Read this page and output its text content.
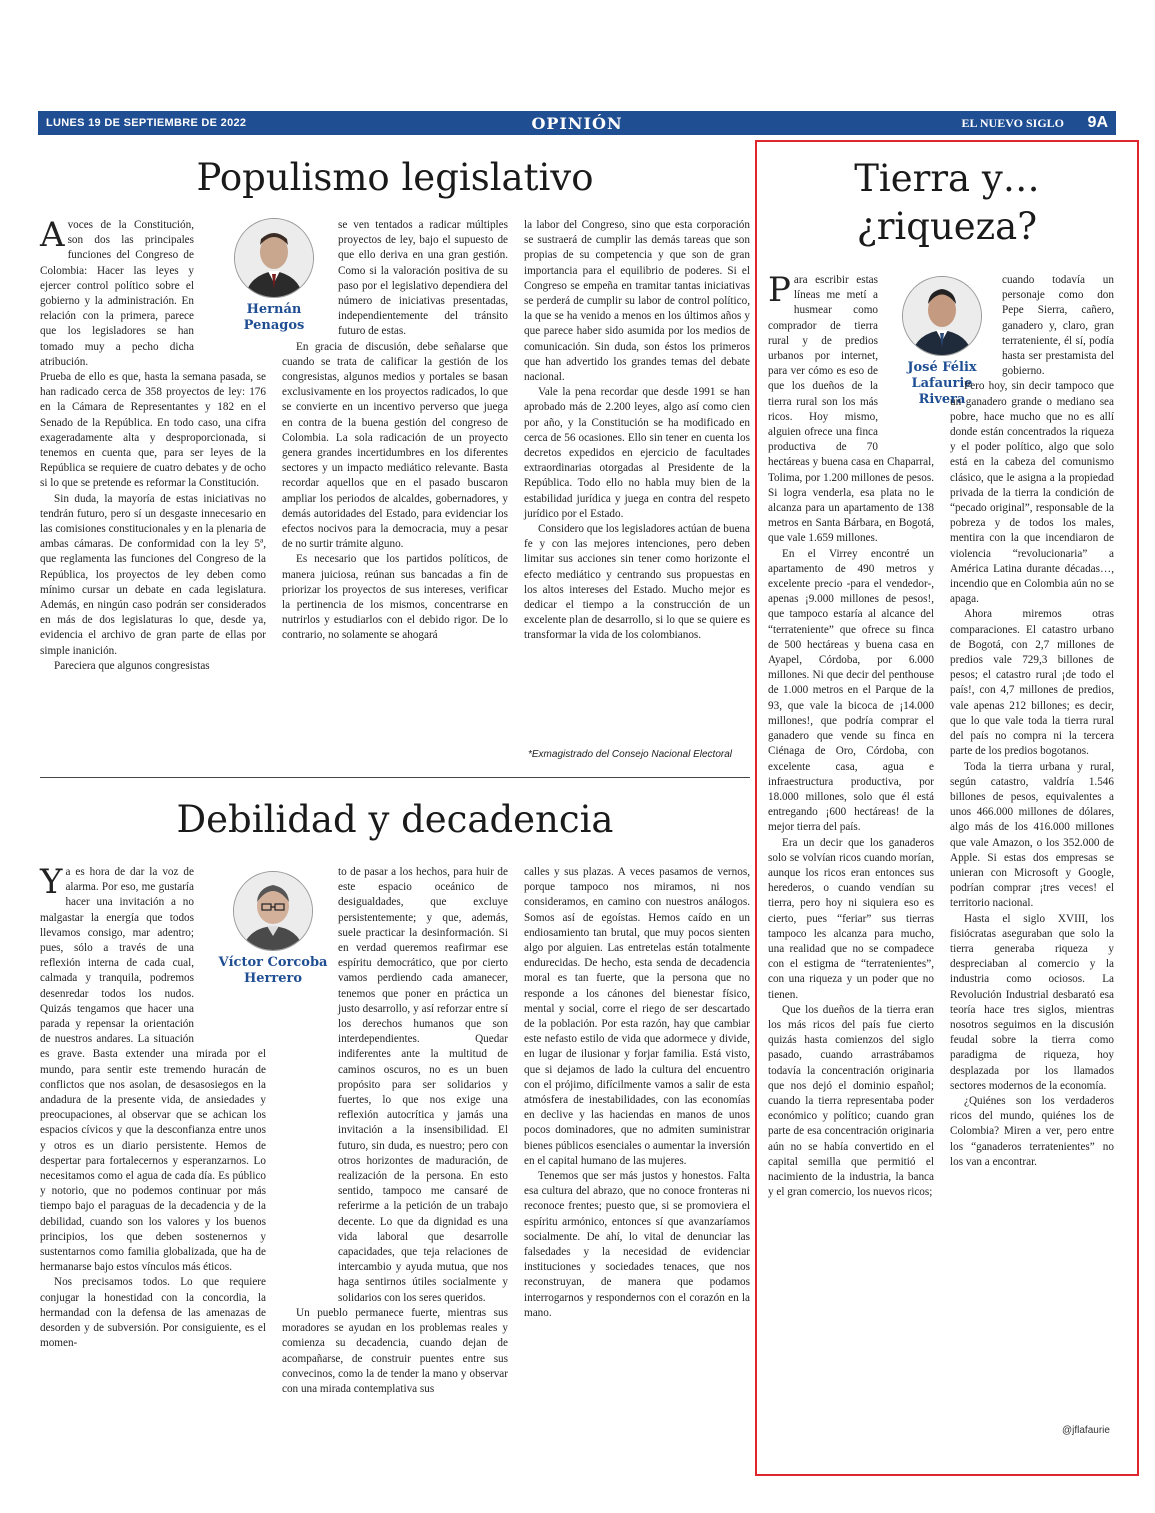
LUNES 19 DE SEPTIEMBRE DE 2022	OPINIÓN	EL NUEVO SIGLO 9A
Populismo legislativo
A voces de la Constitución, son dos las principales funciones del Congreso de Colombia: Hacer las leyes y ejercer control político sobre el gobierno y la administración. En relación con la primera, parece que los legisladores se han tomado muy a pecho dicha atribución.

Prueba de ello es que, hasta la semana pasada, se han radicado cerca de 358 proyectos de ley: 176 en la Cámara de Representantes y 182 en el Senado de la República. En todo caso, una cifra exageradamente alta y desproporcionada, si tenemos en cuenta que, para ser leyes de la República se requiere de cuatro debates y de ocho si lo que se pretende es reformar la Constitución.

Sin duda, la mayoría de estas iniciativas no tendrán futuro, pero sí un desgaste innecesario en las comisiones constitucionales y en la plenaria de ambas cámaras. De conformidad con la ley 5ª, que reglamenta las funciones del Congreso de la República, los proyectos de ley deben como mínimo cursar un debate en cada legislatura. Además, en ningún caso podrán ser considerados en más de dos legislaturas lo que, desde ya, evidencia el archivo de gran parte de ellas por simple inanición.

Pareciera que algunos congresistas

Hernán
Penagos

se ven tentados a radicar múltiples proyectos de ley, bajo el supuesto de que ello deriva en una gran gestión. Como si la valoración positiva de su paso por el legislativo dependiera del número de iniciativas presentadas, independientemente del tránsito futuro de estas.

En gracia de discusión, debe señalarse que cuando se trata de calificar la gestión de los congresistas, algunos medios y portales se basan exclusivamente en los proyectos radicados, lo que se convierte en un incentivo perverso que juega en contra de la buena gestión del congreso de Colombia. La sola radicación de un proyecto genera grandes incertidumbres en los diferentes sectores y un impacto mediático relevante. Basta recordar aquellos que en el pasado buscaron ampliar los periodos de alcaldes, gobernadores, y demás autoridades del Estado, para evidenciar los efectos nocivos para la democracia, muy a pesar de no surtir trámite alguno.

Es necesario que los partidos políticos, de manera juiciosa, reúnan sus bancadas a fin de priorizar los proyectos de sus intereses, verificar la pertinencia de los mismos, concentrarse en nutrirlos y estudiarlos con el debido rigor. De lo contrario, no solamente se ahogará

la labor del Congreso, sino que esta corporación se sustraerá de cumplir las demás tareas que son propias de su competencia y que son de gran importancia para el equilibrio de poderes. Si el Congreso se empeña en tramitar tantas iniciativas se perderá de cumplir su labor de control político, la que se ha venido a menos en los últimos años y que parece haber sido asumida por los medios de comunicación. Sin duda, son éstos los primeros que han advertido los grandes temas del debate nacional.

Vale la pena recordar que desde 1991 se han aprobado más de 2.200 leyes, algo así como cien por año, y la Constitución se ha modificado en cerca de 56 ocasiones. Ello sin tener en cuenta los decretos expedidos en ejercicio de facultades extraordinarias otorgadas al Presidente de la República. Todo ello no habla muy bien de la estabilidad jurídica y juega en contra del respeto jurídico por el Estado.

Considero que los legisladores actúan de buena fe y con las mejores intenciones, pero deben limitar sus acciones sin tener como horizonte el efecto mediático y centrando sus propuestas en los altos intereses del Estado. Mucho mejor es dedicar el tiempo a la construcción de un excelente plan de desarrollo, si lo que se quiere es transformar la vida de los colombianos.

*Exmagistrado del Consejo Nacional Electoral
Debilidad y decadencia
Y a es hora de dar la voz de alarma. Por eso, me gustaría hacer una invitación a no malgastar la energía que todos llevamos consigo, mar adentro; pues, sólo a través de una reflexión interna de cada cual, calmada y tranquila, podremos desenredar todos los nudos. Quizás tengamos que hacer una parada y repensar la orientación de nuestros andares. La situación es grave. Basta extender una mirada por el mundo, para sentir este tremendo huracán de conflictos que nos asolan, de desasosiegos en la andadura de la presente vida, de ansiedades y preocupaciones, al observar que se achican los espacios cívicos y que la desconfianza entre unos y otros es un diario persistente. Hemos de despertar para fortalecernos y esperanzarnos. Lo necesitamos como el agua de cada día. Es público y notorio, que no podemos continuar por más tiempo bajo el paraguas de la decadencia y de la debilidad, cuando son los valores y los buenos principios, los que deben sostenernos y sustentarnos como familia globalizada, que ha de hermanarse bajo estos vínculos más éticos.

Nos precisamos todos. Lo que requiere conjugar la honestidad con la concordia, la hermandad con la defensa de las amenazas de desorden y de subversión. Por consiguiente, es el momen-

Víctor Corcoba
Herrero

to de pasar a los hechos, para huir de este espacio oceánico de desigualdades, que excluye persistentemente; y que, además, suele practicar la desinformación. Si en verdad queremos reafirmar ese espíritu democrático, que por cierto vamos perdiendo cada amanecer, tenemos que poner en práctica un justo desarrollo, y así reforzar entre sí los derechos humanos que son interdependientes. Quedar indiferentes ante la multitud de caminos oscuros, no es un buen propósito para ser solidarios y fuertes, lo que nos exige una reflexión autocrítica y jamás una invitación a la insensibilidad. El futuro, sin duda, es nuestro; pero con otros horizontes de maduración, de realización de la persona. En esto sentido, tampoco me cansaré de referirme a la petición de un trabajo decente. Lo que da dignidad es una vida laboral que desarrolle capacidades, que teja relaciones de intercambio y ayuda mutua, que nos haga sentirnos útiles socialmente y solidarios con los seres queridos.

Un pueblo permanece fuerte, mientras sus moradores se ayudan en los problemas reales y comienza su decadencia, cuando dejan de acompañarse, de construir puentes entre sus convecinos, como la de tender la mano y observar con una mirada contemplativa sus

calles y sus plazas. A veces pasamos de vernos, porque tampoco nos miramos, ni nos consideramos, en camino con nuestros análogos. Somos así de egoístas. Hemos caído en un endiosamiento tan brutal, que muy pocos sienten algo por alguien. Las entretelas están totalmente endurecidas. De hecho, esta senda de decadencia moral es tan fuerte, que la persona que no responde a los cánones del bienestar físico, mental y social, corre el riego de ser descartado de la población. Por esta razón, hay que cambiar este nefasto estilo de vida que adormece y divide, en lugar de ilusionar y forjar familia. Está visto, que si dejamos de lado la cultura del encuentro con el prójimo, difícilmente vamos a salir de esta atmósfera de inestabilidades, con las economías en declive y las haciendas en manos de unos pocos dominadores, que no admiten suministrar bienes públicos esenciales o aumentar la inversión en el capital humano de las mujeres.

Tenemos que ser más justos y honestos. Falta esa cultura del abrazo, que no conoce fronteras ni reconoce frentes; puesto que, si se promoviera el espíritu armónico, entonces sí que avanzaríamos socialmente. De ahí, lo vital de denunciar las falsedades y la necesidad de evidenciar instituciones y sociedades tenaces, que nos reconstruyan, de manera que podamos interrogarnos y respondernos con el corazón en la mano.

Tierra y…
¿riqueza?
P ara escribir estas líneas me metí a husmear como comprador de tierra rural y de predios urbanos por internet, para ver cómo es eso de que los dueños de la tierra rural son los más ricos. Hoy mismo, alguien ofrece una finca productiva de 70 hectáreas y buena casa en Chaparral, Tolima, por 1.200 millones de pesos. Si logra venderla, esa plata no le alcanza para un apartamento de 138 metros en Santa Bárbara, en Bogotá, que vale 1.659 millones.

En el Virrey encontré un apartamento de 490 metros y excelente precio -para el vendedor-, apenas ¡9.000 millones de pesos!, que tampoco estaría al alcance del “terrateniente” que ofrece su finca de 500 hectáreas y buena casa en Ayapel, Córdoba, por 6.000 millones. Ni que decir del penthouse de 1.000 metros en el Parque de la 93, que vale la bicoca de ¡14.000 millones!, que podría comprar el ganadero que vende su finca en Ciénaga de Oro, Córdoba, con excelente casa, agua e infraestructura productiva, por 18.000 millones, solo que él está entregando ¡600 hectáreas! de la mejor tierra del país.

Era un decir que los ganaderos solo se volvían ricos cuando morían, aunque los ricos eran entonces sus herederos, o cuando vendían su tierra, pero hoy ni siquiera eso es cierto, pues “feriar” sus tierras tampoco les alcanza para mucho, una realidad que no se compadece con el estigma de “terratenientes”, con una riqueza y un poder que no tienen.

Que los dueños de la tierra eran los más ricos del país fue cierto quizás hasta comienzos del siglo pasado, cuando arrastrábamos todavía la concentración originaria que nos dejó el dominio español; cuando la tierra representaba poder económico y político; cuando gran parte de esa concentración originaria aún no se había convertido en el capital semilla que permitió el nacimiento de la industria, la banca y el gran comercio, los nuevos ricos;

José Félix
Lafaurie
Rivera

cuando todavía un personaje como don Pepe Sierra, cañero, ganadero y, claro, gran terrateniente, él sí, podía hasta ser prestamista del gobierno.

Pero hoy, sin decir tampoco que un ganadero grande o mediano sea pobre, hace mucho que no es allí donde están concentrados la riqueza y el poder político, algo que solo está en la cabeza del comunismo clásico, que le asigna a la propiedad privada de la tierra la condición de “pecado original”, responsable de la pobreza y de todos los males, mentira con la que incendiaron de violencia “revolucionaria” a América Latina durante décadas…, incendio que en Colombia aún no se apaga.

Ahora miremos otras comparaciones. El catastro urbano de Bogotá, con 2,7 millones de predios vale 729,3 billones de pesos; el catastro rural ¡de todo el país!, con 4,7 millones de predios, vale apenas 212 billones; es decir, que lo que vale toda la tierra rural del país no compra ni la tercera parte de los predios bogotanos.

Toda la tierra urbana y rural, según catastro, valdría 1.546 billones de pesos, equivalentes a unos 466.000 millones de dólares, algo más de los 416.000 millones que vale Amazon, o los 352.000 de Apple. Si estas dos empresas se unieran con Microsoft y Google, podrían comprar ¡tres veces! el territorio nacional.

Hasta el siglo XVIII, los fisiócratas aseguraban que solo la tierra generaba riqueza y despreciaban al comercio y la industria como ociosos. La Revolución Industrial desbarató esa teoría hace tres siglos, mientras nosotros seguimos en la discusión feudal sobre la tierra como paradigma de riqueza, hoy desplazada por los llamados sectores modernos de la economía.

¿Quiénes son los verdaderos ricos del mundo, quiénes los de Colombia? Miren a ver, pero entre los “ganaderos terratenientes” no los van a encontrar.

@jflafaurie
